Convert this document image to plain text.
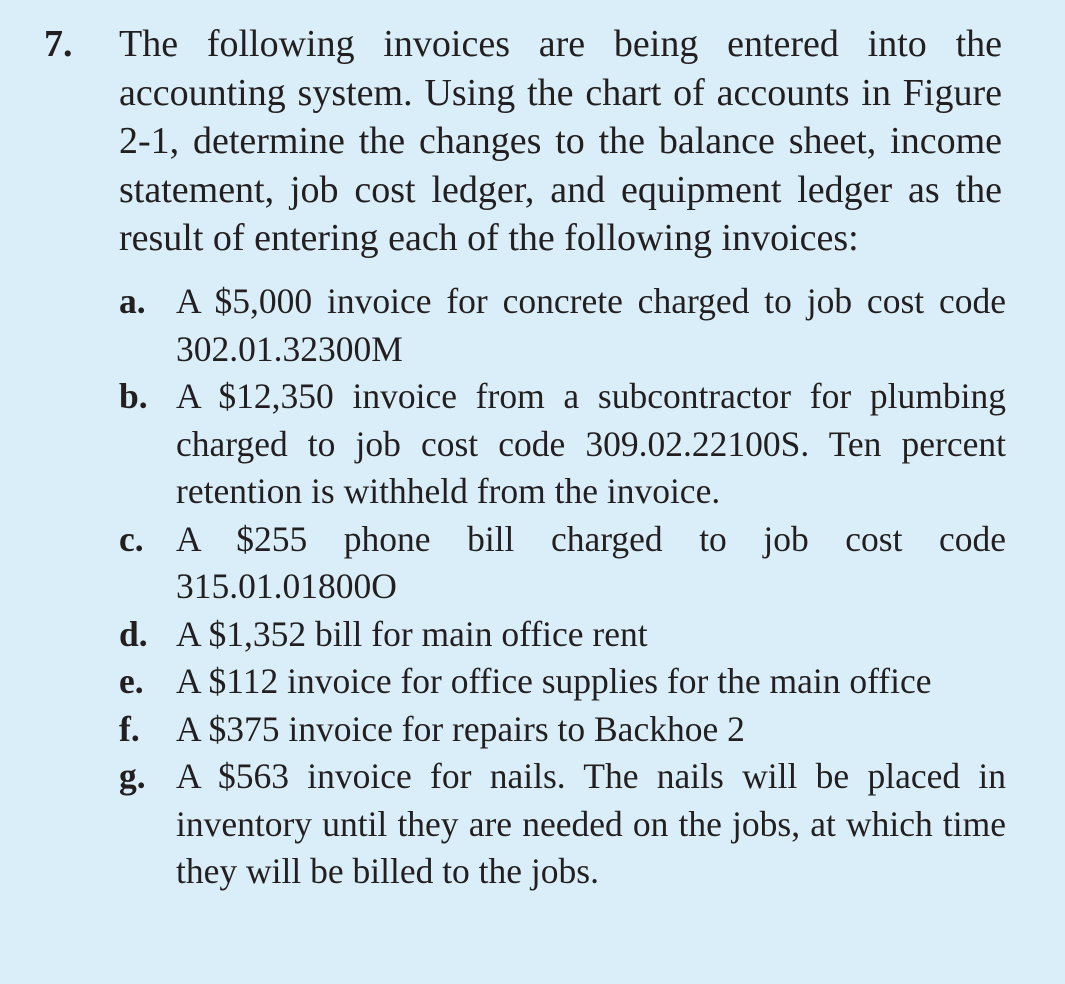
7. The following invoices are being entered into the accounting system. Using the chart of accounts in Figure 2-1, determine the changes to the balance sheet, income statement, job cost ledger, and equipment ledger as the result of entering each of the following invoices:
a. A $5,000 invoice for concrete charged to job cost code 302.01.32300M
b. A $12,350 invoice from a subcontractor for plumbing charged to job cost code 309.02.22100S. Ten percent retention is withheld from the invoice.
c. A $255 phone bill charged to job cost code 315.01.01800O
d. A $1,352 bill for main office rent
e. A $112 invoice for office supplies for the main office
f. A $375 invoice for repairs to Backhoe 2
g. A $563 invoice for nails. The nails will be placed in inventory until they are needed on the jobs, at which time they will be billed to the jobs.
